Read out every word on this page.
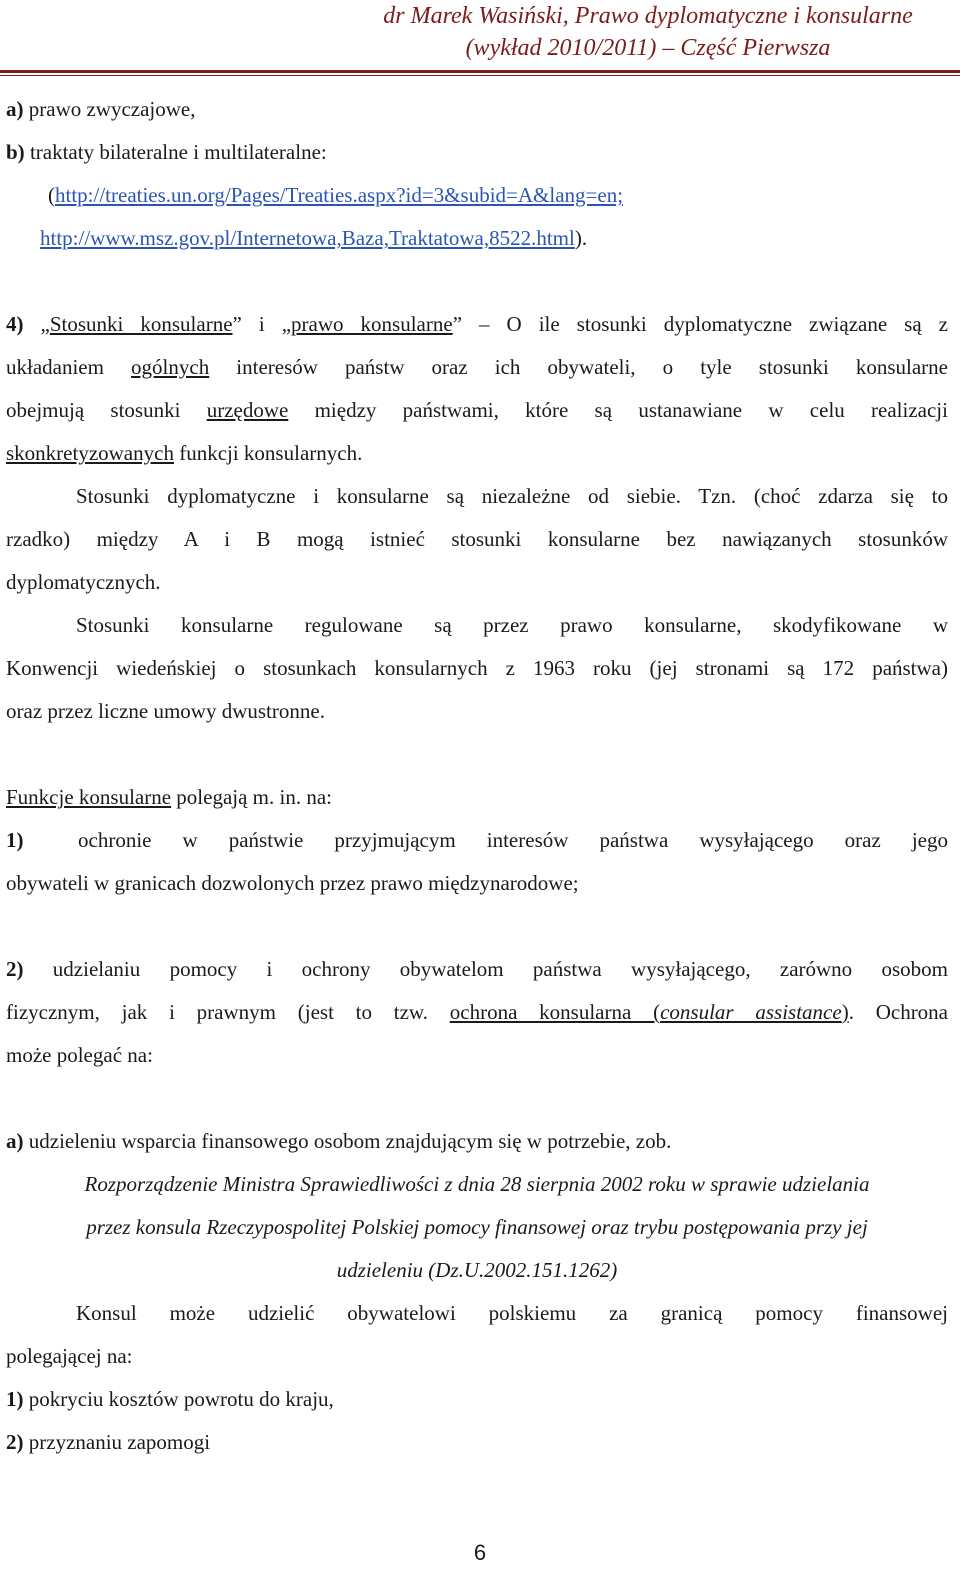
dr Marek Wasiński, Prawo dyplomatyczne i konsularne
(wykład 2010/2011) – Część Pierwsza
a) prawo zwyczajowe,
b) traktaty bilateralne i multilateralne:
(http://treaties.un.org/Pages/Treaties.aspx?id=3&subid=A&lang=en;
http://www.msz.gov.pl/Internetowa,Baza,Traktatowa,8522.html).
4) „Stosunki konsularne” i „prawo konsularne” – O ile stosunki dyplomatyczne związane są z
układaniem ogólnych interesów państw oraz ich obywateli, o tyle stosunki konsularne
obejmują stosunki urzędowe między państwami, które są ustanawiane w celu realizacji
skonkretyzowanych funkcji konsularnych.
Stosunki dyplomatyczne i konsularne są niezależne od siebie. Tzn. (choć zdarza się to
rzadko) między A i B mogą istnieć stosunki konsularne bez nawiązanych stosunków
dyplomatycznych.
Stosunki konsularne regulowane są przez prawo konsularne, skodyfikowane w
Konwencji wiedeńskiej o stosunkach konsularnych z 1963 roku (jej stronami są 172 państwa)
oraz przez liczne umowy dwustronne.
Funkcje konsularne polegają m. in. na:
1)	ochronie w państwie przyjmującym interesów państwa wysyłającego oraz jego
obywateli w granicach dozwolonych przez prawo międzynarodowe;
2) udzielaniu pomocy i ochrony obywatelom państwa wysyłającego, zarówno osobom
fizycznym, jak i prawnym (jest to tzw. ochrona konsularna (consular assistance). Ochrona
może polegać na:
a) udzieleniu wsparcia finansowego osobom znajdującym się w potrzebie, zob.
Rozporządzenie Ministra Sprawiedliwości z dnia 28 sierpnia 2002 roku w sprawie udzielania
przez konsula Rzeczypospolitej Polskiej pomocy finansowej oraz trybu postępowania przy jej
udzieleniu (Dz.U.2002.151.1262)
Konsul może udzielić obywatelowi polskiemu za granicą pomocy finansowej
polegającej na:
1) pokryciu kosztów powrotu do kraju,
2) przyznaniu zapomogi
6
